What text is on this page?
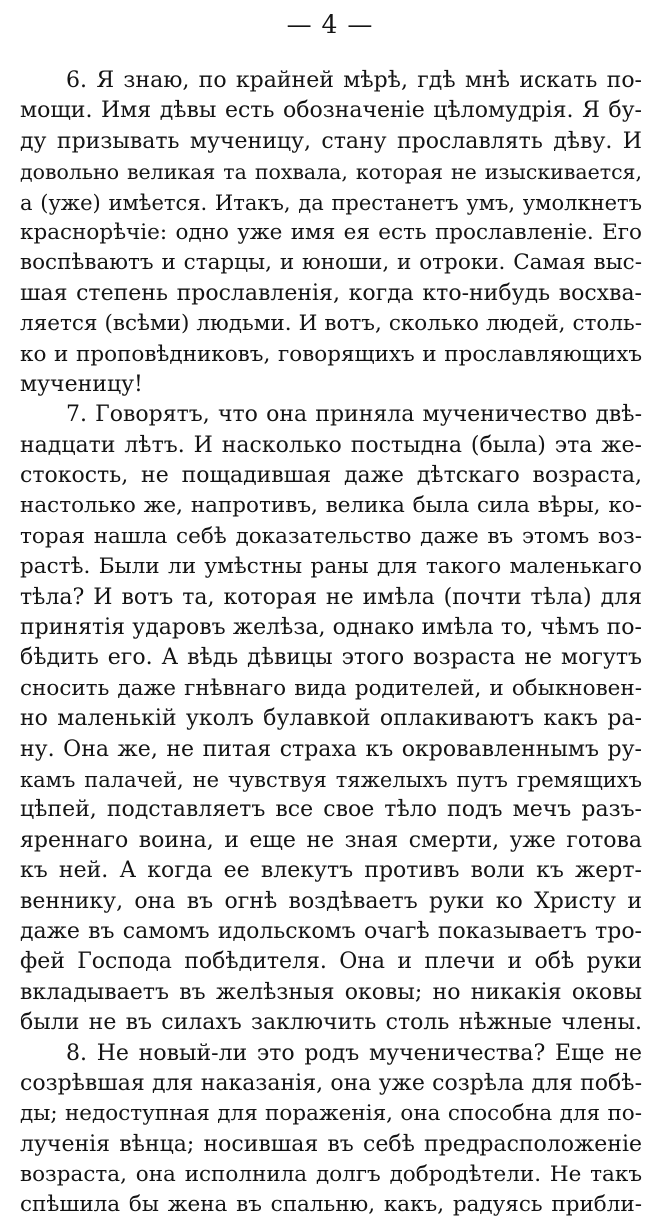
— 4 —
6. Я знаю, по крайней мѣрѣ, гдѣ мнѣ искать по-
мощи. Имя дѣвы есть обозначеніе цѣломудрія. Я бу-
ду призывать мученицу, стану прославлять дѣву. И
довольно великая та похвала, которая не изыскивается,
а (уже) имѣется. Итакъ, да престанетъ умъ, умолкнетъ
краснорѣчіе: одно уже имя ея есть прославленіе. Его
воспѣваютъ и старцы, и юноши, и отроки. Самая выс-
шая степень прославленія, когда кто-нибудь восхва-
ляется (всѣми) людьми. И вотъ, сколько людей, столь-
ко и проповѣдниковъ, говорящихъ и прославляющихъ
мученицу!
7. Говорятъ, что она приняла мученичество двѣ-
надцати лѣтъ. И насколько постыдна (была) эта же-
стокость, не пощадившая даже дѣтскаго возраста,
настолько же, напротивъ, велика была сила вѣры, ко-
торая нашла себѣ доказательство даже въ этомъ воз-
растѣ. Были ли умѣстны раны для такого маленькаго
тѣла? И вотъ та, которая не имѣла (почти тѣла) для
принятія ударовъ желѣза, однако имѣла то, чѣмъ по-
бѣдить его. А вѣдь дѣвицы этого возраста не могутъ
сносить даже гнѣвнаго вида родителей, и обыкновен-
но маленькій уколъ булавкой оплакиваютъ какъ ра-
ну. Она же, не питая страха къ окровавленнымъ ру-
камъ палачей, не чувствуя тяжелыхъ путъ гремящихъ
цѣпей, подставляетъ все свое тѣло подъ мечъ разъ-
яреннаго воина, и еще не зная смерти, уже готова
къ ней. А когда ее влекутъ противъ воли къ жерт-
веннику, она въ огнѣ воздѣваетъ руки ко Христу и
даже въ самомъ идольскомъ очагѣ показываетъ тро-
фей Господа побѣдителя. Она и плечи и обѣ руки
вкладываетъ въ желѣзныя оковы; но никакія оковы
были не въ силахъ заключить столь нѣжные члены.
8. Не новый-ли это родъ мученичества? Еще не
созрѣвшая для наказанія, она уже созрѣла для побѣ-
ды; недоступная для пораженія, она способна для по-
лученія вѣнца; носившая въ себѣ предрасположеніе
возраста, она исполнила долгъ добродѣтели. Не такъ
спѣшила бы жена въ спальню, какъ, радуясь прибли-
